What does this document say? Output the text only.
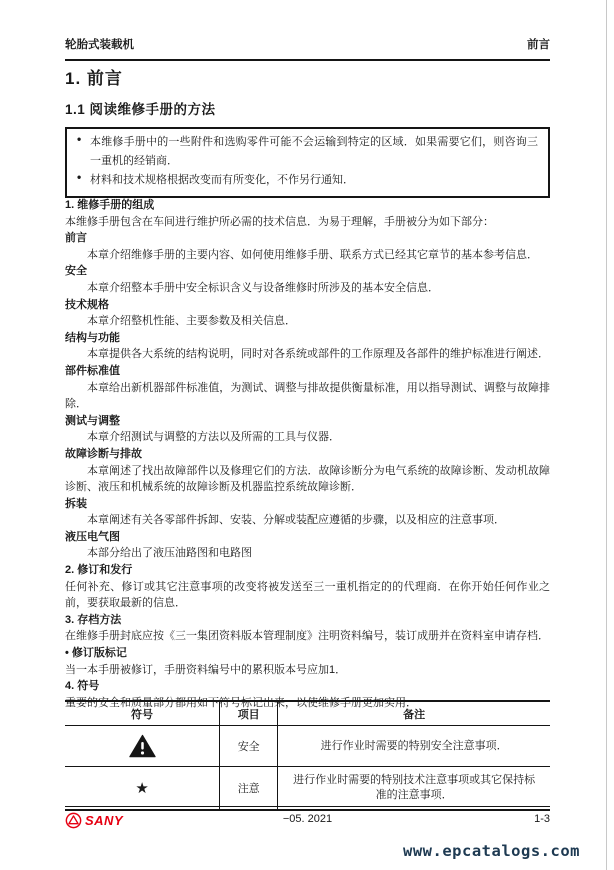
轮胎式装载机	前言
1. 前言
1.1 阅读维修手册的方法
• 本维修手册中的一些附件和选购零件可能不会运输到特定的区域．如果需要它们，则咨询三一重机的经销商．
• 材料和技术规格根据改变而有所变化，不作另行通知．
1. 维修手册的组成
本维修手册包含在车间进行维护所必需的技术信息．为易于理解，手册被分为如下部分：
前言
本章介绍维修手册的主要内容、如何使用维修手册、联系方式已经其它章节的基本参考信息．
安全
本章介绍整本手册中安全标识含义与设备维修时所涉及的基本安全信息．
技术规格
本章介绍整机性能、主要参数及相关信息．
结构与功能
本章提供各大系统的结构说明，同时对各系统或部件的工作原理及各部件的维护标准进行阐述．
部件标准值
本章给出新机器部件标准值，为测试、调整与排故提供衡量标准，用以指导测试、调整与故障排除．
测试与调整
本章介绍测试与调整的方法以及所需的工具与仪器．
故障诊断与排故
本章阐述了找出故障部件以及修理它们的方法．故障诊断分为电气系统的故障诊断、发动机故障诊断、液压和机械系统的故障诊断及机器监控系统故障诊断．
拆装
本章阐述有关各零部件拆卸、安装、分解或装配应遵循的步骤，以及相应的注意事项．
液压电气图
本部分给出了液压油路图和电路图
2. 修订和发行
任何补充、修订或其它注意事项的改变将被发送至三一重机指定的的代理商．在你开始任何作业之前，要获取最新的信息．
3. 存档方法
在维修手册封底应按《三一集团资料版本管理制度》注明资料编号，装订成册并在资料室申请存档．
• 修订版标记
当一本手册被修订，手册资料编号中的累积版本号应加1．
4. 符号
重要的安全和质量部分都用如下符号标记出来，以使维修手册更加实用．
符号	项目	备注
	安全	进行作业时需要的特别安全注意事项．
★	注意	进行作业时需要的特别技术注意事项或其它保持标准的注意事项．
SANY	−05. 2021	1-3
www.epcatalogs.com
